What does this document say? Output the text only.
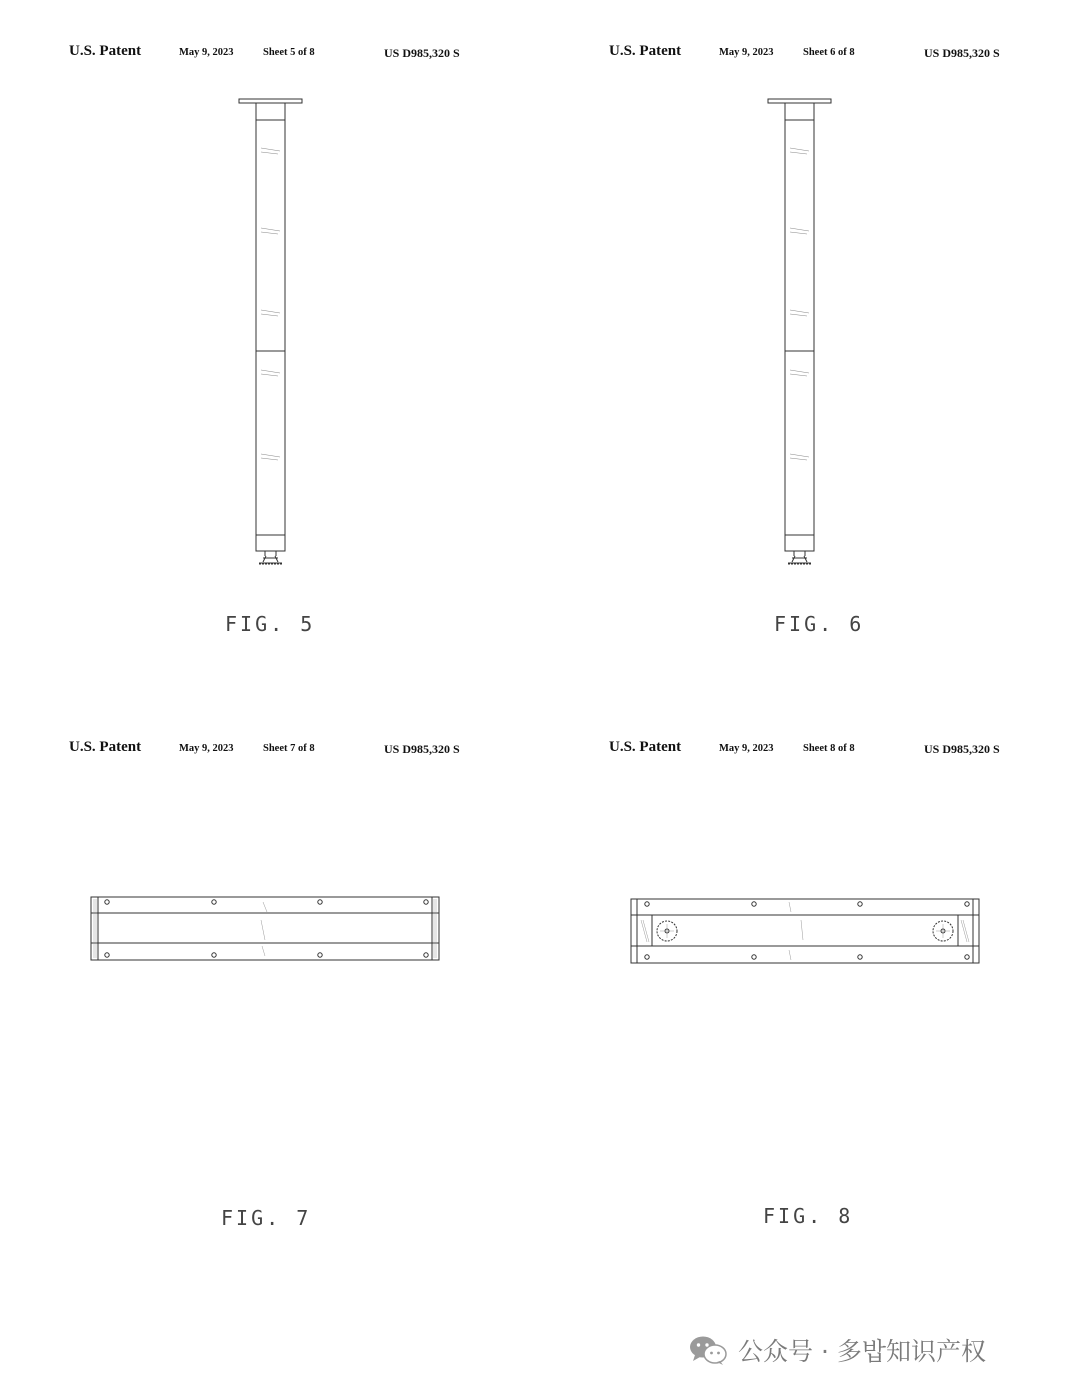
U.S. Patent	May 9, 2023	Sheet 5 of 8	US D985,320 S
FIG. 5
U.S. Patent	May 9, 2023	Sheet 6 of 8	US D985,320 S
FIG. 6
U.S. Patent	May 9, 2023	Sheet 7 of 8	US D985,320 S
FIG. 7
U.S. Patent	May 9, 2023	Sheet 8 of 8	US D985,320 S
FIG. 8
公众号 · 多밥知识产权
